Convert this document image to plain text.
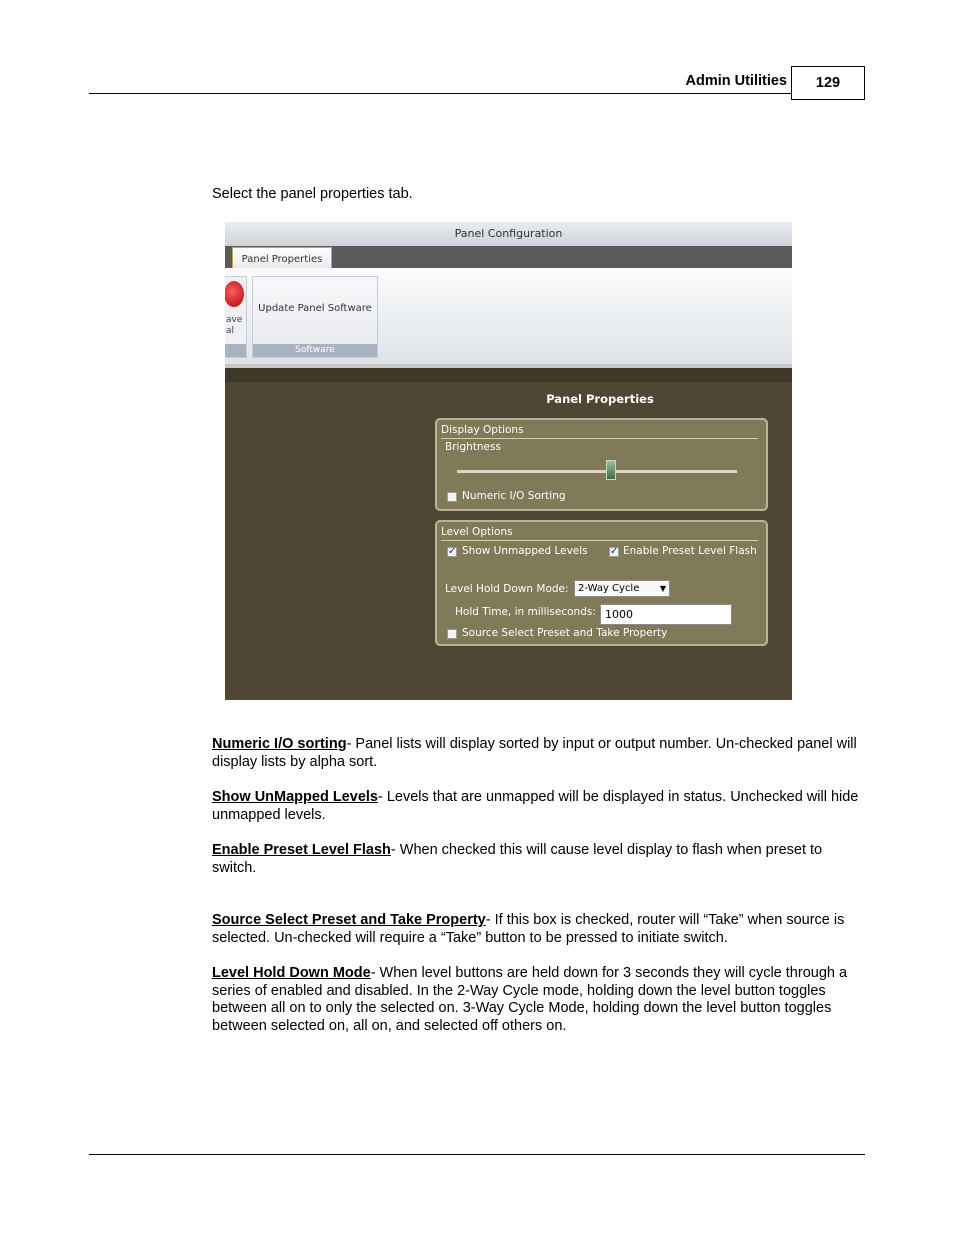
Admin Utilities	129
Select the panel properties tab.
Panel Configuration
Panel Properties
ave
al
Update Panel Software
Software
Panel Properties
Display Options
Brightness
Numeric I/O Sorting
Level Options
✓ Show Unmapped Levels ✓ Enable Preset Level Flash
Level Hold Down Mode: 2-Way Cycle	▼
Hold Time, in milliseconds: 1000
Source Select Preset and Take Property
Numeric I/O sorting- Panel lists will display sorted by input or output number. Un-checked panel will display lists by alpha sort.
Show UnMapped Levels- Levels that are unmapped will be displayed in status. Unchecked will hide unmapped levels.
Enable Preset Level Flash- When checked this will cause level display to flash when preset to switch.
Source Select Preset and Take Property- If this box is checked, router will “Take” when source is selected. Un-checked will require a “Take” button to be pressed to initiate switch.
Level Hold Down Mode- When level buttons are held down for 3 seconds they will cycle through a series of enabled and disabled. In the 2-Way Cycle mode, holding down the level button toggles between all on to only the selected on. 3-Way Cycle Mode, holding down the level button toggles between selected on, all on, and selected off others on.
